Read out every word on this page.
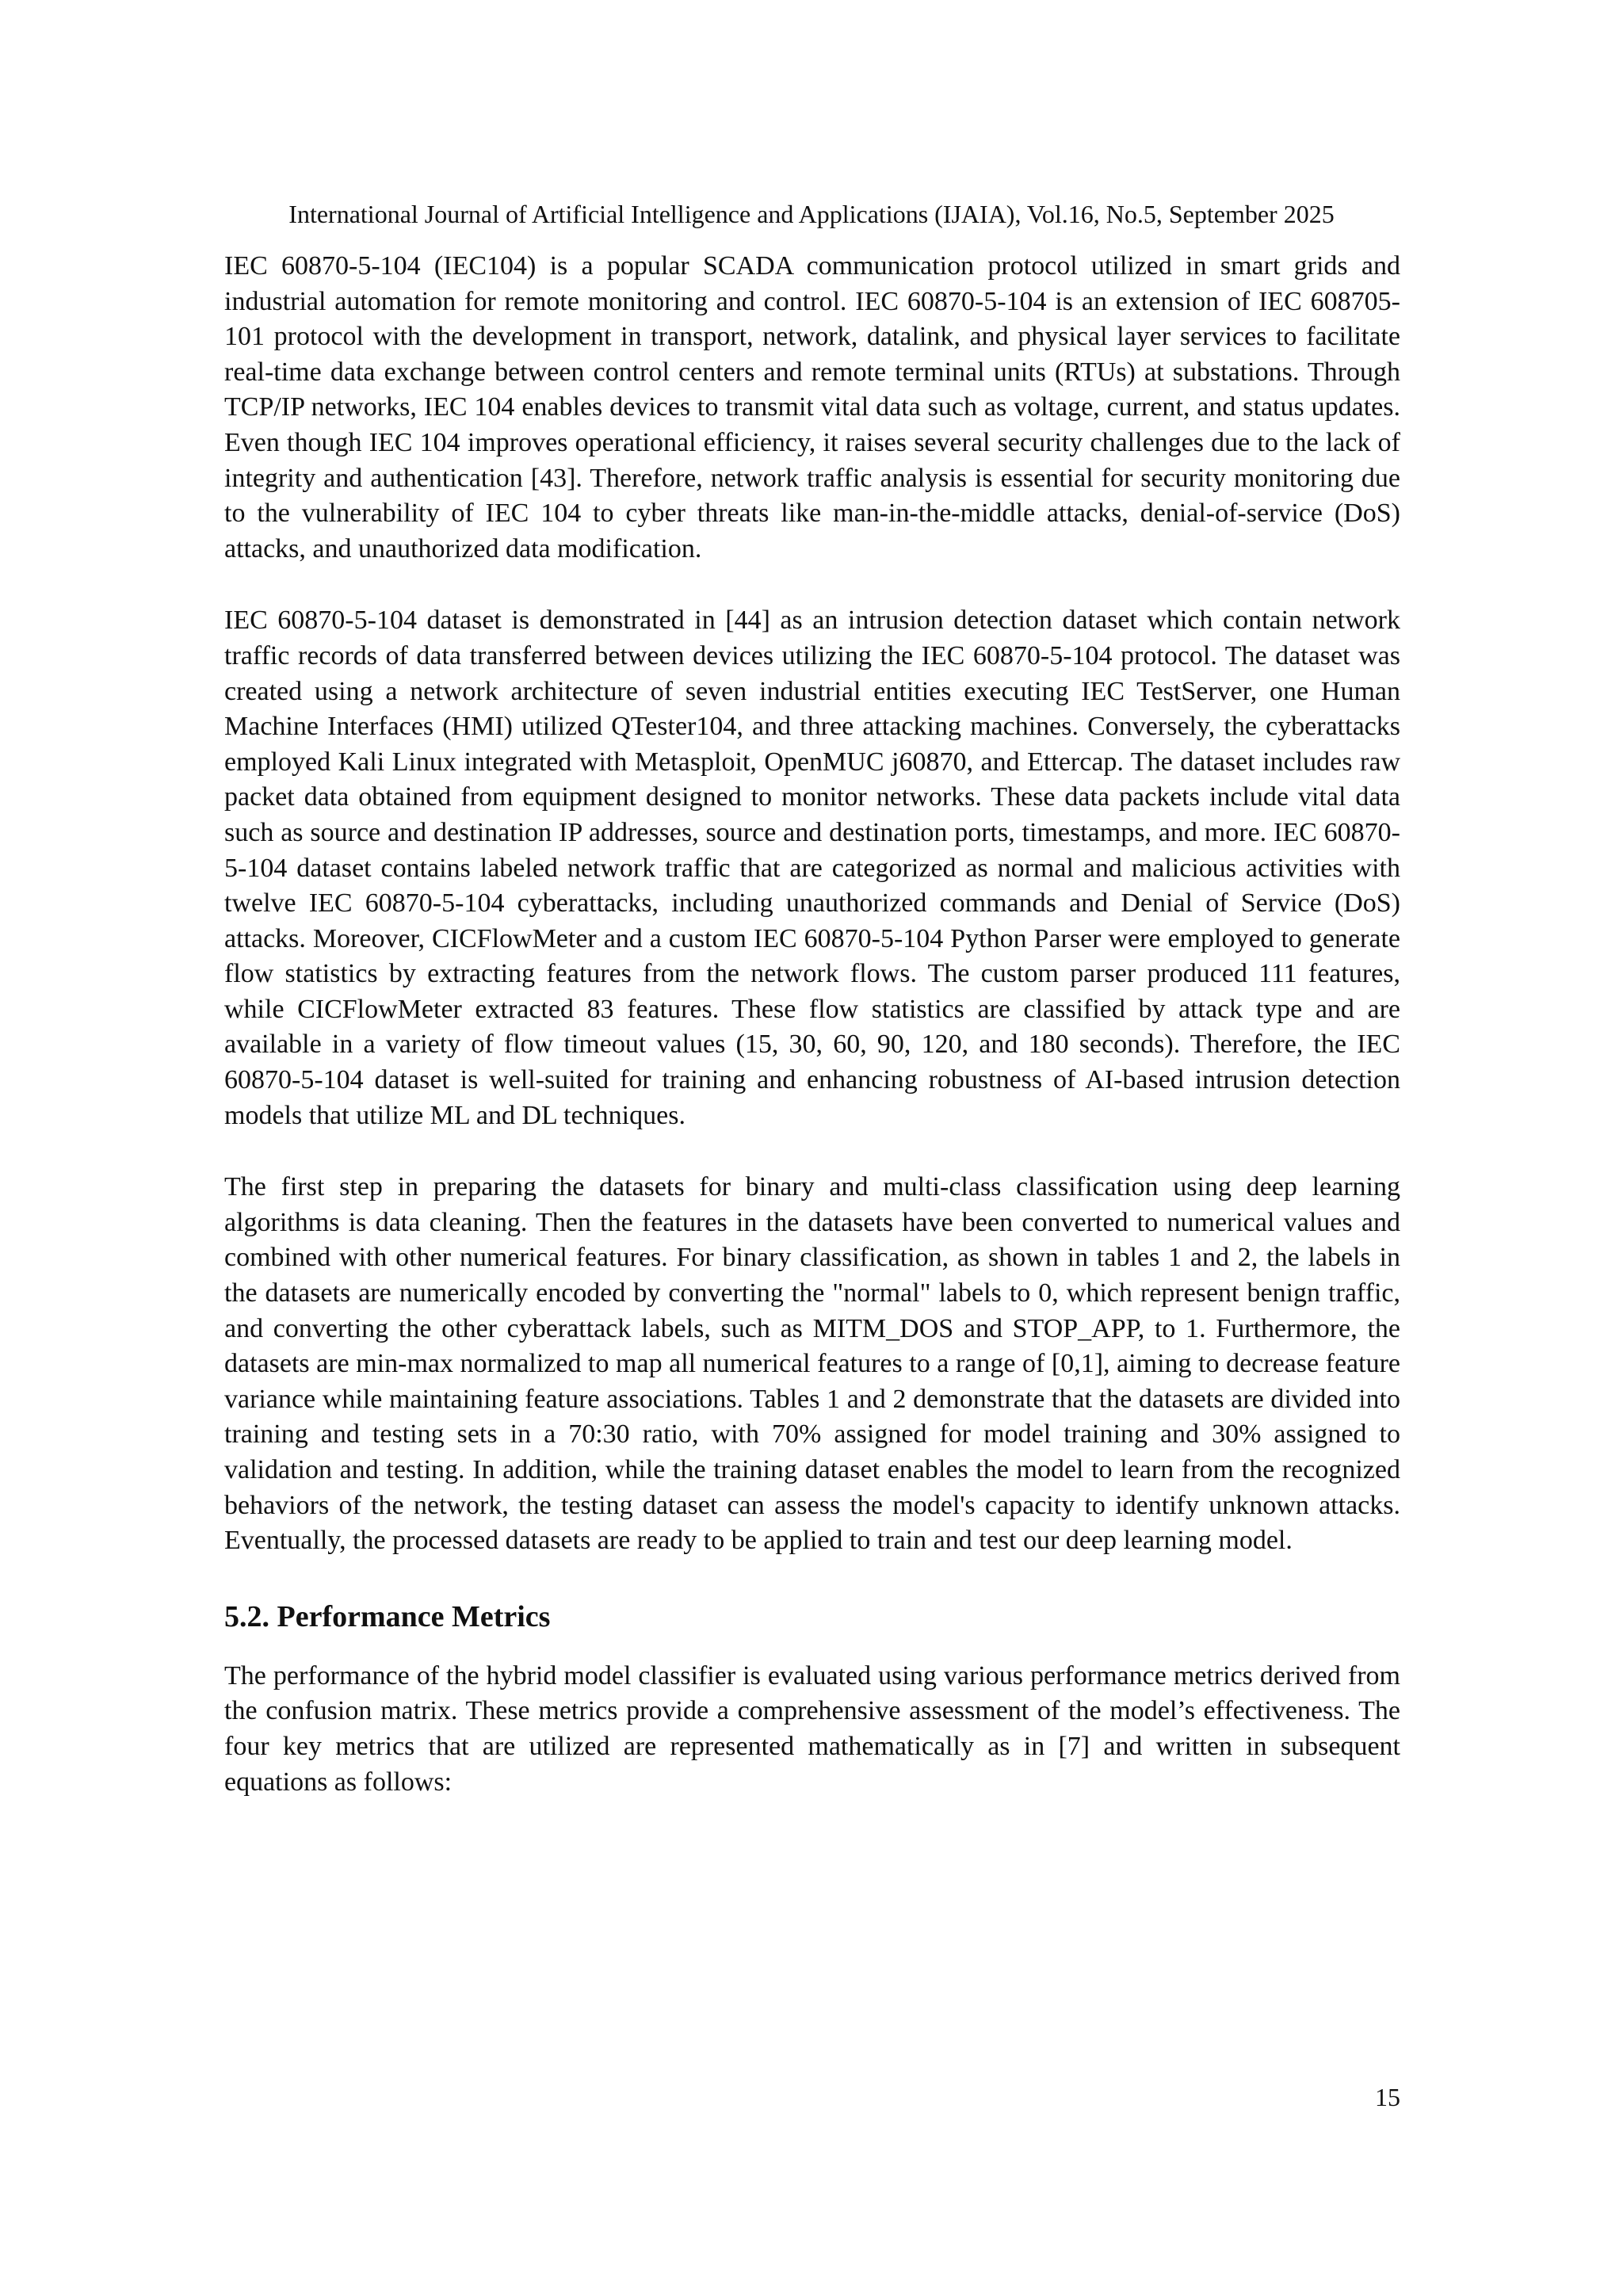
International Journal of Artificial Intelligence and Applications (IJAIA), Vol.16, No.5, September 2025

IEC 60870-5-104 (IEC104) is a popular SCADA communication protocol utilized in smart grids and industrial automation for remote monitoring and control. IEC 60870-5-104 is an extension of IEC 608705-101 protocol with the development in transport, network, datalink, and physical layer services to facilitate real-time data exchange between control centers and remote terminal units (RTUs) at substations. Through TCP/IP networks, IEC 104 enables devices to transmit vital data such as voltage, current, and status updates. Even though IEC 104 improves operational efficiency, it raises several security challenges due to the lack of integrity and authentication [43]. Therefore, network traffic analysis is essential for security monitoring due to the vulnerability of IEC 104 to cyber threats like man-in-the-middle attacks, denial-of-service (DoS) attacks, and unauthorized data modification.

IEC 60870-5-104 dataset is demonstrated in [44] as an intrusion detection dataset which contain network traffic records of data transferred between devices utilizing the IEC 60870-5-104 protocol. The dataset was created using a network architecture of seven industrial entities executing IEC TestServer, one Human Machine Interfaces (HMI) utilized QTester104, and three attacking machines. Conversely, the cyberattacks employed Kali Linux integrated with Metasploit, OpenMUC j60870, and Ettercap. The dataset includes raw packet data obtained from equipment designed to monitor networks. These data packets include vital data such as source and destination IP addresses, source and destination ports, timestamps, and more. IEC 60870-5-104 dataset contains labeled network traffic that are categorized as normal and malicious activities with twelve IEC 60870-5-104 cyberattacks, including unauthorized commands and Denial of Service (DoS) attacks. Moreover, CICFlowMeter and a custom IEC 60870-5-104 Python Parser were employed to generate flow statistics by extracting features from the network flows. The custom parser produced 111 features, while CICFlowMeter extracted 83 features. These flow statistics are classified by attack type and are available in a variety of flow timeout values (15, 30, 60, 90, 120, and 180 seconds). Therefore, the IEC 60870-5-104 dataset is well-suited for training and enhancing robustness of AI-based intrusion detection models that utilize ML and DL techniques.

The first step in preparing the datasets for binary and multi-class classification using deep learning algorithms is data cleaning. Then the features in the datasets have been converted to numerical values and combined with other numerical features. For binary classification, as shown in tables 1 and 2, the labels in the datasets are numerically encoded by converting the "normal" labels to 0, which represent benign traffic, and converting the other cyberattack labels, such as MITM_DOS and STOP_APP, to 1. Furthermore, the datasets are min-max normalized to map all numerical features to a range of [0,1], aiming to decrease feature variance while maintaining feature associations. Tables 1 and 2 demonstrate that the datasets are divided into training and testing sets in a 70:30 ratio, with 70% assigned for model training and 30% assigned to validation and testing. In addition, while the training dataset enables the model to learn from the recognized behaviors of the network, the testing dataset can assess the model's capacity to identify unknown attacks. Eventually, the processed datasets are ready to be applied to train and test our deep learning model.

5.2. Performance Metrics

The performance of the hybrid model classifier is evaluated using various performance metrics derived from the confusion matrix. These metrics provide a comprehensive assessment of the model’s effectiveness. The four key metrics that are utilized are represented mathematically as in [7] and written in subsequent equations as follows:

15
